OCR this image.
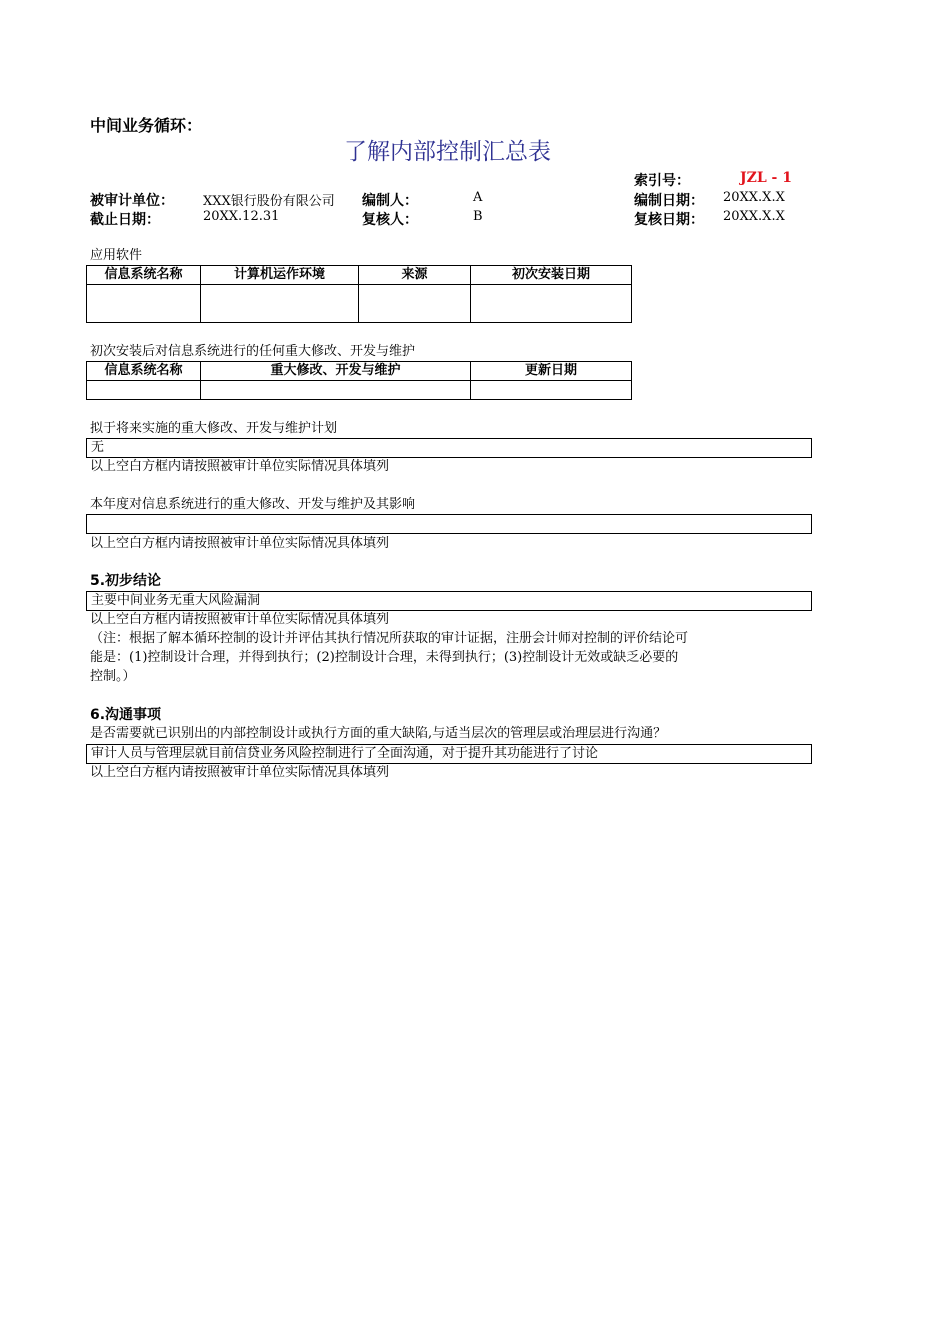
中间业务循环：
了解内部控制汇总表
索引号：	JZL - 1
被审计单位： XXX银行股份有限公司 编制人：	A	编制日期： 20XX.X.X
截止日期：	20XX.12.31	复核人：	B	复核日期： 20XX.X.X
应用软件
信息系统名称	计算机运作环境	来源	初次安装日期

初次安装后对信息系统进行的任何重大修改、开发与维护
信息系统名称	重大修改、开发与维护	更新日期

拟于将来实施的重大修改、开发与维护计划
无
以上空白方框内请按照被审计单位实际情况具体填列
本年度对信息系统进行的重大修改、开发与维护及其影响
以上空白方框内请按照被审计单位实际情况具体填列
5.初步结论
主要中间业务无重大风险漏洞
以上空白方框内请按照被审计单位实际情况具体填列
（注：根据了解本循环控制的设计并评估其执行情况所获取的审计证据，注册会计师对控制的评价结论可
能是：(1)控制设计合理，并得到执行；(2)控制设计合理，未得到执行；(3)控制设计无效或缺乏必要的
控制。）
6.沟通事项
是否需要就已识别出的内部控制设计或执行方面的重大缺陷,与适当层次的管理层或治理层进行沟通？
审计人员与管理层就目前信贷业务风险控制进行了全面沟通，对于提升其功能进行了讨论
以上空白方框内请按照被审计单位实际情况具体填列
